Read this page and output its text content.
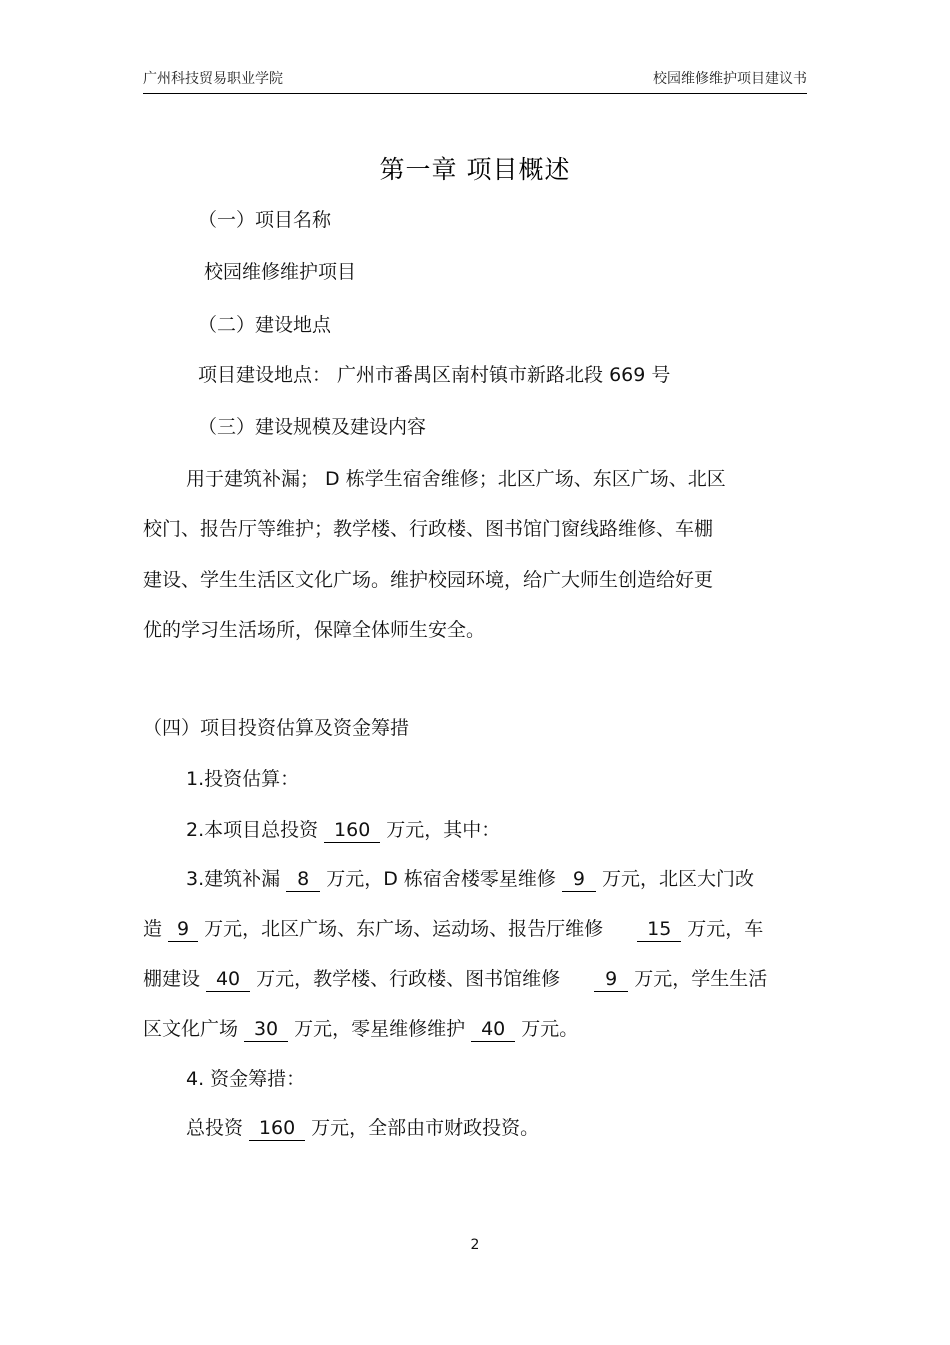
广州科技贸易职业学院	校园维修维护项目建议书
第一章 项目概述
（一）项目名称
校园维修维护项目
（二）建设地点
项目建设地点： 广州市番禺区南村镇市新路北段 669 号
（三）建设规模及建设内容
用于建筑补漏； D 栋学生宿舍维修；北区广场、东区广场、北区
校门、报告厅等维护；教学楼、行政楼、图书馆门窗线路维修、车棚
建设、学生生活区文化广场。维护校园环境，给广大师生创造给好更
优的学习生活场所，保障全体师生安全。
（四）项目投资估算及资金筹措
1.投资估算：
2.本项目总投资 160 万元，其中：
3.建筑补漏 8 万元，D 栋宿舍楼零星维修 9 万元，北区大门改
造 9 万元，北区广场、东广场、运动场、报告厅维修 15 万元，车
棚建设 40 万元，教学楼、行政楼、图书馆维修 9 万元，学生生活
区文化广场 30 万元，零星维修维护 40 万元。
4. 资金筹措：
总投资 160 万元，全部由市财政投资。
2
